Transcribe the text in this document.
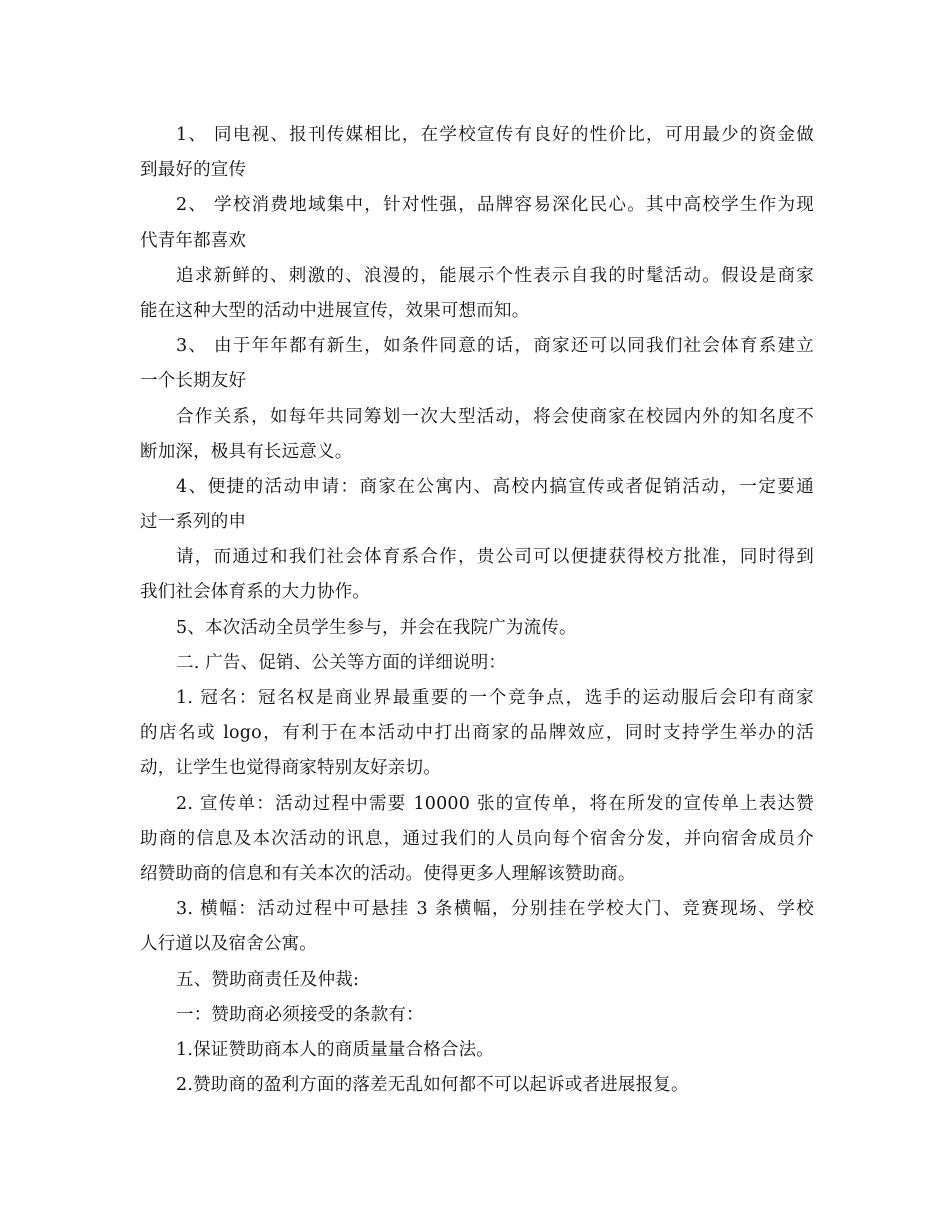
1、 同电视、报刊传媒相比，在学校宣传有良好的性价比，可用最少的资金做
到最好的宣传
2、 学校消费地域集中，针对性强，品牌容易深化民心。其中高校学生作为现
代青年都喜欢
追求新鲜的、刺激的、浪漫的，能展示个性表示自我的时髦活动。假设是商家
能在这种大型的活动中进展宣传，效果可想而知。
3、 由于年年都有新生，如条件同意的话，商家还可以同我们社会体育系建立
一个长期友好
合作关系，如每年共同筹划一次大型活动，将会使商家在校园内外的知名度不
断加深，极具有长远意义。
4、便捷的活动申请：商家在公寓内、高校内搞宣传或者促销活动，一定要通
过一系列的申
请，而通过和我们社会体育系合作，贵公司可以便捷获得校方批准，同时得到
我们社会体育系的大力协作。
5、本次活动全员学生参与，并会在我院广为流传。
二. 广告、促销、公关等方面的详细说明：
1. 冠名：冠名权是商业界最重要的一个竞争点，选手的运动服后会印有商家
的店名或 logo，有利于在本活动中打出商家的品牌效应，同时支持学生举办的活
动，让学生也觉得商家特别友好亲切。
2. 宣传单：活动过程中需要 10000 张的宣传单，将在所发的宣传单上表达赞
助商的信息及本次活动的讯息，通过我们的人员向每个宿舍分发，并向宿舍成员介
绍赞助商的信息和有关本次的活动。使得更多人理解该赞助商。
3. 横幅：活动过程中可悬挂 3 条横幅，分别挂在学校大门、竞赛现场、学校
人行道以及宿舍公寓。
五、赞助商责任及仲裁:
一：赞助商必须接受的条款有：
1.保证赞助商本人的商质量量合格合法。
2.赞助商的盈利方面的落差无乱如何都不可以起诉或者进展报复。
